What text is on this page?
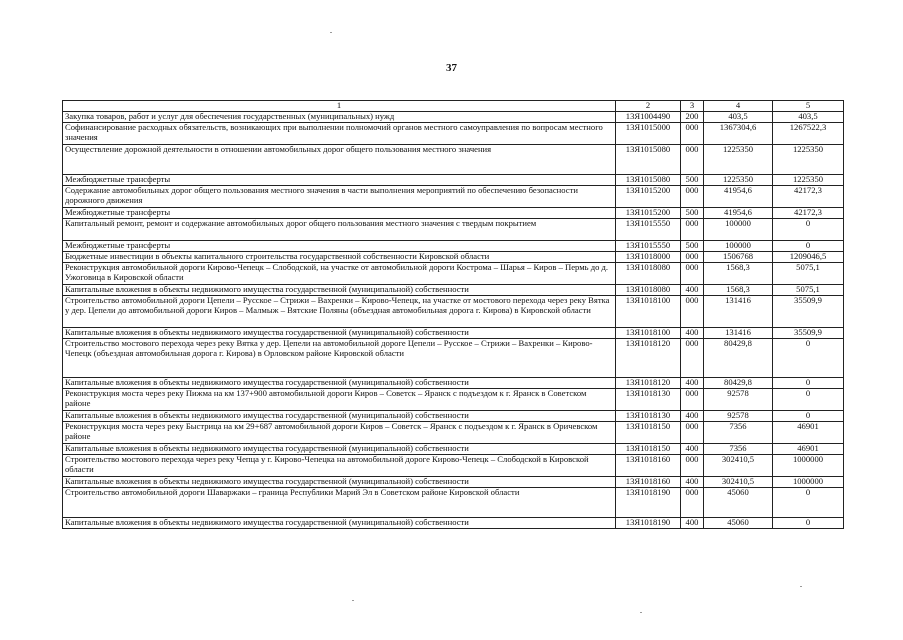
37
1	2	3	4	5
Закупка товаров, работ и услуг для обеспечения государственных (муниципальных) нужд	13Я1004490	200	403,5	403,5
Софинансирование расходных обязательств, возникающих при выполнении полномочий органов местного самоуправления по вопросам местного значения	13Я1015000	000	1367304,6	1267522,3
Осуществление дорожной деятельности в отношении автомобильных дорог общего пользования местного значения	13Я1015080	000	1225350	1225350
Межбюджетные трансферты	13Я1015080	500	1225350	1225350
Содержание автомобильных дорог общего пользования местного значения в части выполнения мероприятий по обеспечению безопасности дорожного движения	13Я1015200	000	41954,6	42172,3
Межбюджетные трансферты	13Я1015200	500	41954,6	42172,3
Капитальный ремонт, ремонт и содержание автомобильных дорог общего пользования местного значения с твердым покрытием	13Я1015550	000	100000	0
Межбюджетные трансферты	13Я1015550	500	100000	0
Бюджетные инвестиции в объекты капитального строительства государственной собственности Кировской области	13Я1018000	000	1506768	1209046,5
Реконструкция автомобильной дороги Кирово-Чепецк – Слободской, на участке от автомобильной дороги Кострома – Шарья – Киров – Пермь до д. Ужоговица в Кировской области	13Я1018080	000	1568,3	5075,1
Капитальные вложения в объекты недвижимого имущества государственной (муниципальной) собственности	13Я1018080	400	1568,3	5075,1
Строительство автомобильной дороги Цепели – Русское – Стрижи – Вахренки – Кирово-Чепецк, на участке от мостового перехода через реку Вятка у дер. Цепели до автомобильной дороги Киров – Малмыж – Вятские Поляны (объездная автомобильная дорога г. Кирова) в Кировской области	13Я1018100	000	131416	35509,9
Капитальные вложения в объекты недвижимого имущества государственной (муниципальной) собственности	13Я1018100	400	131416	35509,9
Строительство мостового перехода через реку Вятка у дер. Цепели на автомобильной дороге Цепели – Русское – Стрижи – Вахренки – Кирово-Чепецк (объездная автомобильная дорога г. Кирова) в Орловском районе Кировской области	13Я1018120	000	80429,8	0
Капитальные вложения в объекты недвижимого имущества государственной (муниципальной) собственности	13Я1018120	400	80429,8	0
Реконструкция моста через реку Пижма на км 137+900 автомобильной дороги Киров – Советск – Яранск с подъездом к г. Яранск в Советском районе	13Я1018130	000	92578	0
Капитальные вложения в объекты недвижимого имущества государственной (муниципальной) собственности	13Я1018130	400	92578	0
Реконструкция моста через реку Быстрица на км 29+687 автомобильной дороги Киров – Советск – Яранск с подъездом к г. Яранск в Оричевском районе	13Я1018150	000	7356	46901
Капитальные вложения в объекты недвижимого имущества государственной (муниципальной) собственности	13Я1018150	400	7356	46901
Строительство мостового перехода через реку Чепца у г. Кирово-Чепецка на автомобильной дороге Кирово-Чепецк – Слободской в Кировской области	13Я1018160	000	302410,5	1000000
Капитальные вложения в объекты недвижимого имущества государственной (муниципальной) собственности	13Я1018160	400	302410,5	1000000
Строительство автомобильной дороги Шаваржаки – граница Республики Марий Эл в Советском районе Кировской области	13Я1018190	000	45060	0
Капитальные вложения в объекты недвижимого имущества государственной (муниципальной) собственности	13Я1018190	400	45060	0
